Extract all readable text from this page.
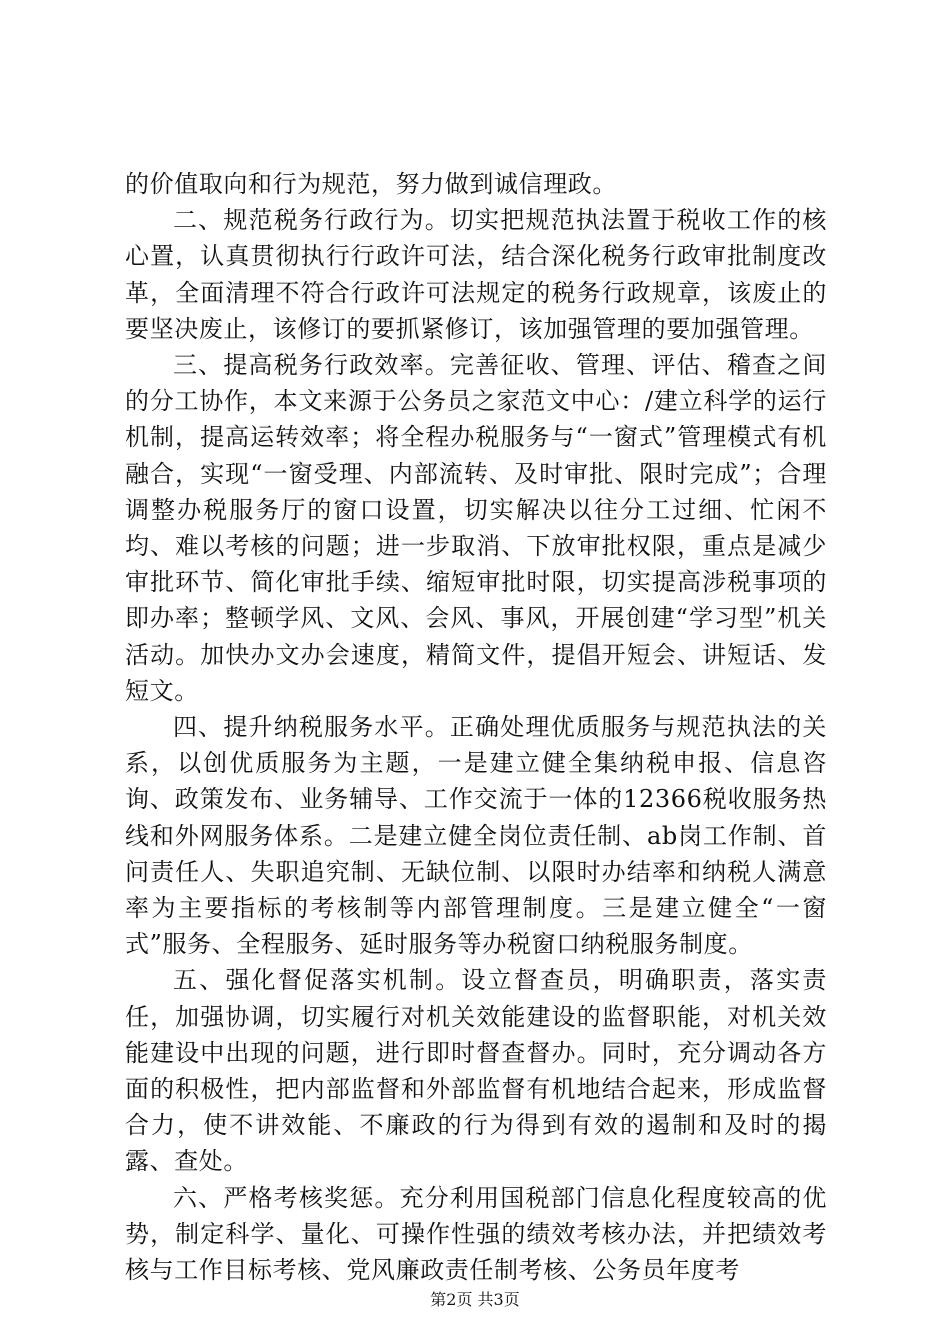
的价值取向和行为规范，努力做到诚信理政。

二、规范税务行政行为。切实把规范执法置于税收工作的核心置，认真贯彻执行行政许可法，结合深化税务行政审批制度改革，全面清理不符合行政许可法规定的税务行政规章，该废止的要坚决废止，该修订的要抓紧修订，该加强管理的要加强管理。

三、提高税务行政效率。完善征收、管理、评估、稽查之间的分工协作，本文来源于公务员之家范文中心：/建立科学的运行机制，提高运转效率；将全程办税服务与“一窗式”管理模式有机融合，实现“一窗受理、内部流转、及时审批、限时完成”；合理调整办税服务厅的窗口设置，切实解决以往分工过细、忙闲不均、难以考核的问题；进一步取消、下放审批权限，重点是减少审批环节、简化审批手续、缩短审批时限，切实提高涉税事项的即办率；整顿学风、文风、会风、事风，开展创建“学习型”机关活动。加快办文办会速度，精简文件，提倡开短会、讲短话、发短文。

四、提升纳税服务水平。正确处理优质服务与规范执法的关系，以创优质服务为主题，一是建立健全集纳税申报、信息咨询、政策发布、业务辅导、工作交流于一体的12366税收服务热线和外网服务体系。二是建立健全岗位责任制、ab岗工作制、首问责任人、失职追究制、无缺位制、以限时办结率和纳税人满意率为主要指标的考核制等内部管理制度。三是建立健全“一窗式”服务、全程服务、延时服务等办税窗口纳税服务制度。

五、强化督促落实机制。设立督查员，明确职责，落实责任，加强协调，切实履行对机关效能建设的监督职能，对机关效能建设中出现的问题，进行即时督查督办。同时，充分调动各方面的积极性，把内部监督和外部监督有机地结合起来，形成监督合力，使不讲效能、不廉政的行为得到有效的遏制和及时的揭露、查处。

六、严格考核奖惩。充分利用国税部门信息化程度较高的优势，制定科学、量化、可操作性强的绩效考核办法，并把绩效考核与工作目标考核、党风廉政责任制考核、公务员年度考

第2页 共3页
